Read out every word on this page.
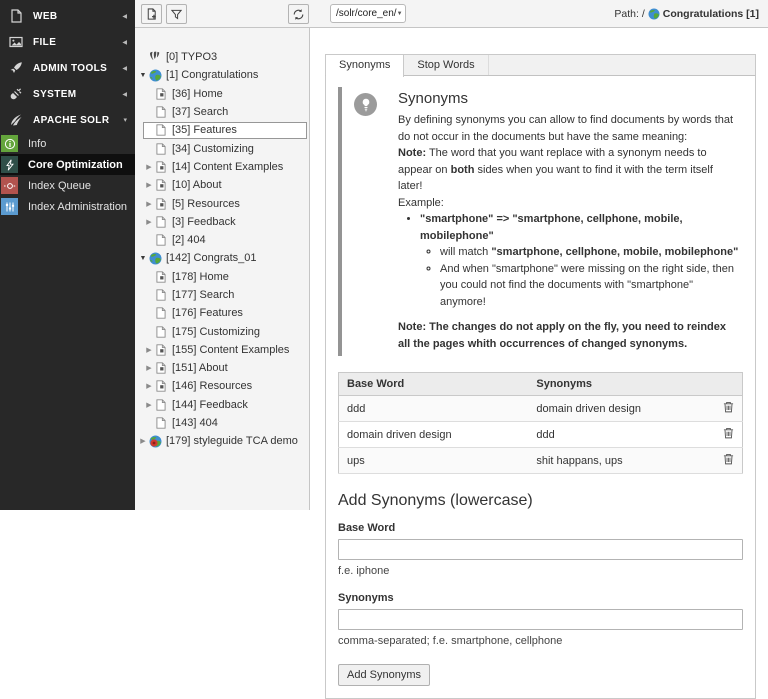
WEB	◀
FILE	◀
ADMIN TOOLS	◀
SYSTEM	◀
APACHE SOLR	▾
Info
Core Optimization
Index Queue
Index Administration
/solr/core_en/ ▼	Path: / Congratulations [1]
[0] TYPO3
▼	[1] Congratulations
[36] Home
[37] Search
[35] Features
[34] Customizing
▶	[14] Content Examples
▶	[10] About
▶	[5] Resources
▶	[3] Feedback
[2] 404
▼	[142] Congrats_01
[178] Home
[177] Search
[176] Features
[175] Customizing
▶	[155] Content Examples
▶	[151] About
▶	[146] Resources
▶	[144] Feedback
[143] 404
▶	[179] styleguide TCA demo
Synonyms	Stop Words
Synonyms

By defining synonyms you can allow to find documents by words that do not occur in the documents but have the same meaning:

Note: The word that you want replace with a synonym needs to appear on both sides when you want to find it with the term itself later!

Example:

• "smartphone" => "smartphone, cellphone, mobile, mobilephone"
◦ will match "smartphone, cellphone, mobile, mobilephone"
◦ And when "smartphone" were missing on the right side, then you could not find the documents with "smartphone" anymore!

Note: The changes do not apply on the fly, you need to reindex all the pages whith occurrences of changed synonyms.

Base Word	Synonyms	
ddd	domain driven design	

domain driven design	ddd	

ups	shit happans, ups	
Add Synonyms (lowercase)
Base Word
f.e. iphone
Synonyms
comma-separated; f.e. smartphone, cellphone
Add Synonyms
